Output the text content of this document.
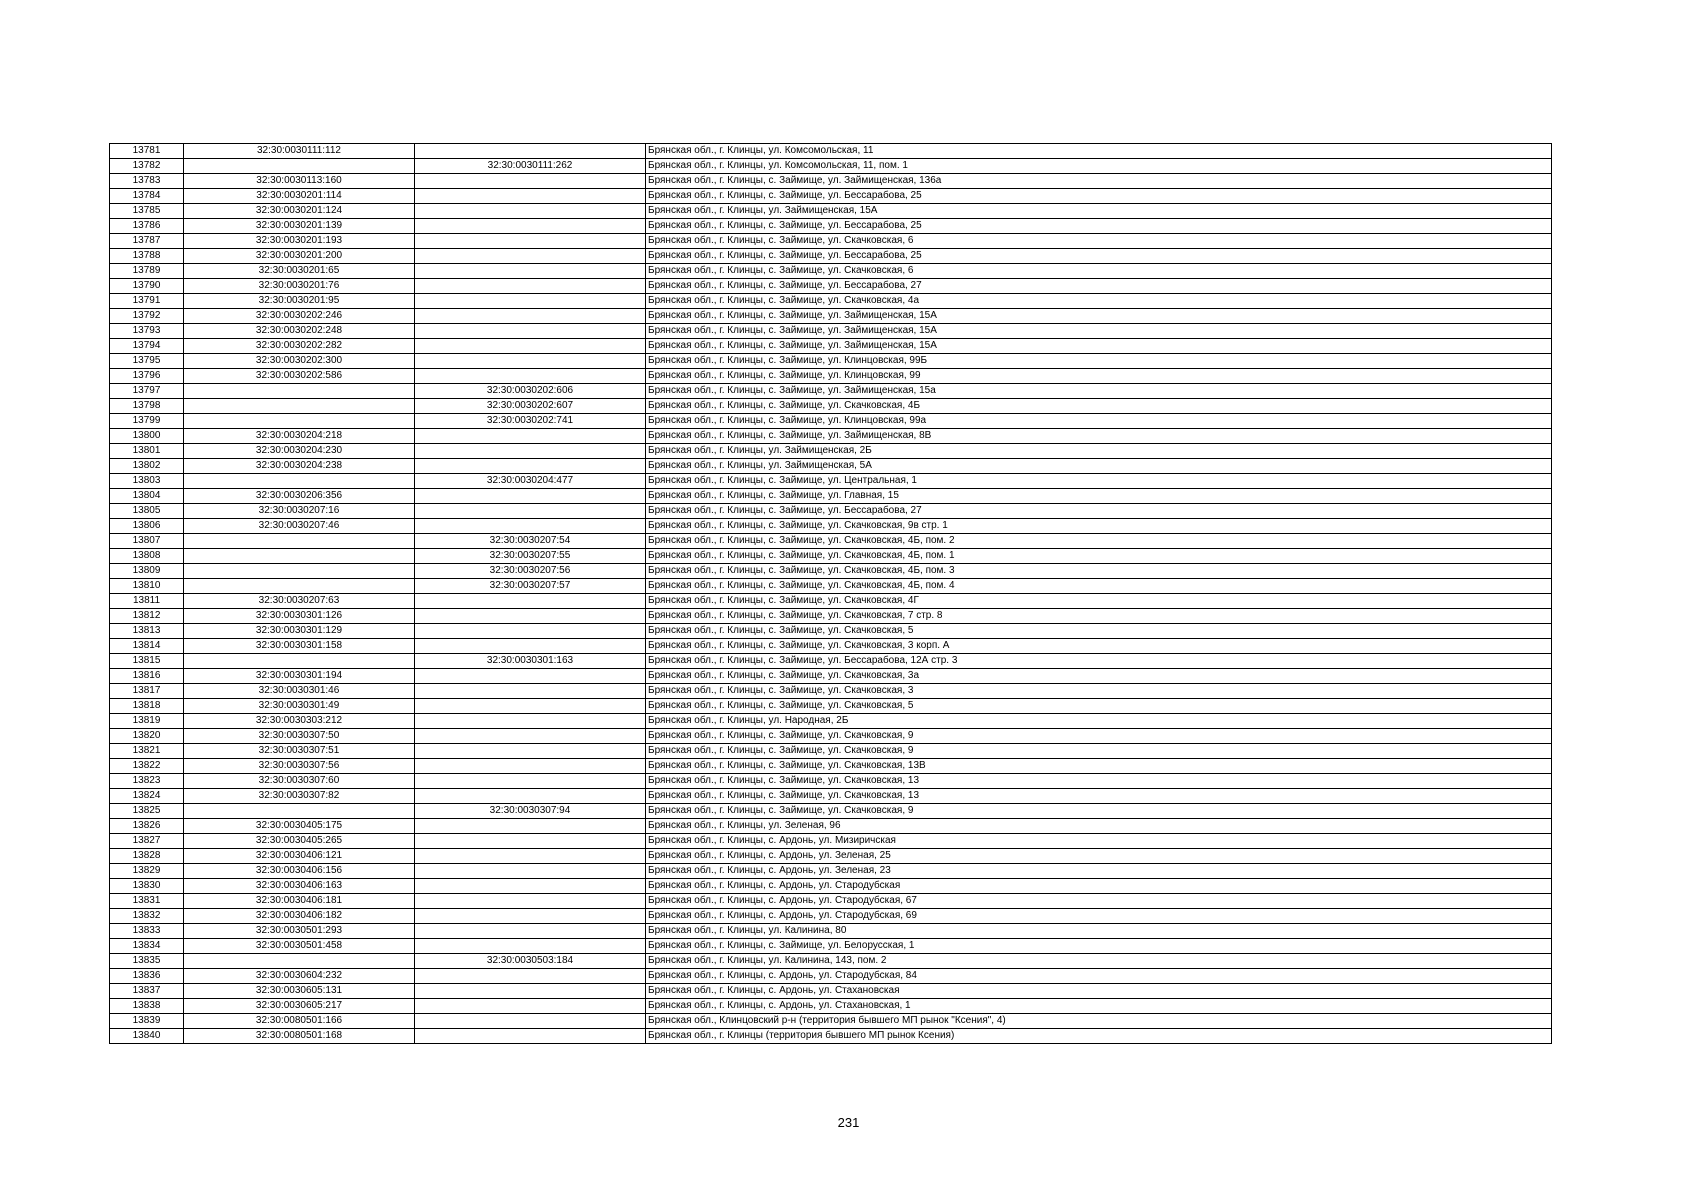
13781	32:30:0030111:112		Брянская обл., г. Клинцы, ул. Комсомольская, 11
13782		32:30:0030111:262	Брянская обл., г. Клинцы, ул. Комсомольская, 11, пом. 1
13783	32:30:0030113:160		Брянская обл., г. Клинцы, с. Займище, ул. Займищенская, 136а
13784	32:30:0030201:114		Брянская обл., г. Клинцы, с. Займище, ул. Бессарабова, 25
13785	32:30:0030201:124		Брянская обл., г. Клинцы, ул. Займищенская, 15А
13786	32:30:0030201:139		Брянская обл., г. Клинцы, с. Займище, ул. Бессарабова, 25
13787	32:30:0030201:193		Брянская обл., г. Клинцы, с. Займище, ул. Скачковская, 6
13788	32:30:0030201:200		Брянская обл., г. Клинцы, с. Займище, ул. Бессарабова, 25
13789	32:30:0030201:65		Брянская обл., г. Клинцы, с. Займище, ул. Скачковская, 6
13790	32:30:0030201:76		Брянская обл., г. Клинцы, с. Займище, ул. Бессарабова, 27
13791	32:30:0030201:95		Брянская обл., г. Клинцы, с. Займище, ул. Скачковская, 4а
13792	32:30:0030202:246		Брянская обл., г. Клинцы, с. Займище, ул. Займищенская, 15А
13793	32:30:0030202:248		Брянская обл., г. Клинцы, с. Займище, ул. Займищенская, 15А
13794	32:30:0030202:282		Брянская обл., г. Клинцы, с. Займище, ул. Займищенская, 15А
13795	32:30:0030202:300		Брянская обл., г. Клинцы, с. Займище, ул. Клинцовская, 99Б
13796	32:30:0030202:586		Брянская обл., г. Клинцы, с. Займище, ул. Клинцовская, 99
13797		32:30:0030202:606	Брянская обл., г. Клинцы, с. Займище, ул. Займищенская, 15а
13798		32:30:0030202:607	Брянская обл., г. Клинцы, с. Займище, ул. Скачковская, 4Б
13799		32:30:0030202:741	Брянская обл., г. Клинцы, с. Займище, ул. Клинцовская, 99а
13800	32:30:0030204:218		Брянская обл., г. Клинцы, с. Займище, ул. Займищенская, 8В
13801	32:30:0030204:230		Брянская обл., г. Клинцы, ул. Займищенская, 2Б
13802	32:30:0030204:238		Брянская обл., г. Клинцы, ул. Займищенская, 5А
13803		32:30:0030204:477	Брянская обл., г. Клинцы, с. Займище, ул. Центральная, 1
13804	32:30:0030206:356		Брянская обл., г. Клинцы, с. Займище, ул. Главная, 15
13805	32:30:0030207:16		Брянская обл., г. Клинцы, с. Займище, ул. Бессарабова, 27
13806	32:30:0030207:46		Брянская обл., г. Клинцы, с. Займище, ул. Скачковская, 9в стр. 1
13807		32:30:0030207:54	Брянская обл., г. Клинцы, с. Займище, ул. Скачковская, 4Б, пом. 2
13808		32:30:0030207:55	Брянская обл., г. Клинцы, с. Займище, ул. Скачковская, 4Б, пом. 1
13809		32:30:0030207:56	Брянская обл., г. Клинцы, с. Займище, ул. Скачковская, 4Б, пом. 3
13810		32:30:0030207:57	Брянская обл., г. Клинцы, с. Займище, ул. Скачковская, 4Б, пом. 4
13811	32:30:0030207:63		Брянская обл., г. Клинцы, с. Займище, ул. Скачковская, 4Г
13812	32:30:0030301:126		Брянская обл., г. Клинцы, с. Займище, ул. Скачковская, 7 стр. 8
13813	32:30:0030301:129		Брянская обл., г. Клинцы, с. Займище, ул. Скачковская, 5
13814	32:30:0030301:158		Брянская обл., г. Клинцы, с. Займище, ул. Скачковская, 3 корп. А
13815		32:30:0030301:163	Брянская обл., г. Клинцы, с. Займище, ул. Бессарабова, 12А стр. 3
13816	32:30:0030301:194		Брянская обл., г. Клинцы, с. Займище, ул. Скачковская, 3а
13817	32:30:0030301:46		Брянская обл., г. Клинцы, с. Займище, ул. Скачковская, 3
13818	32:30:0030301:49		Брянская обл., г. Клинцы, с. Займище, ул. Скачковская, 5
13819	32:30:0030303:212		Брянская обл., г. Клинцы, ул. Народная, 2Б
13820	32:30:0030307:50		Брянская обл., г. Клинцы, с. Займище, ул. Скачковская, 9
13821	32:30:0030307:51		Брянская обл., г. Клинцы, с. Займище, ул. Скачковская, 9
13822	32:30:0030307:56		Брянская обл., г. Клинцы, с. Займище, ул. Скачковская, 13В
13823	32:30:0030307:60		Брянская обл., г. Клинцы, с. Займище, ул. Скачковская, 13
13824	32:30:0030307:82		Брянская обл., г. Клинцы, с. Займище, ул. Скачковская, 13
13825		32:30:0030307:94	Брянская обл., г. Клинцы, с. Займище, ул. Скачковская, 9
13826	32:30:0030405:175		Брянская обл., г. Клинцы, ул. Зеленая, 96
13827	32:30:0030405:265		Брянская обл., г. Клинцы, с. Ардонь, ул. Мизиричская
13828	32:30:0030406:121		Брянская обл., г. Клинцы, с. Ардонь, ул. Зеленая, 25
13829	32:30:0030406:156		Брянская обл., г. Клинцы, с. Ардонь, ул. Зеленая, 23
13830	32:30:0030406:163		Брянская обл., г. Клинцы, с. Ардонь, ул. Стародубская
13831	32:30:0030406:181		Брянская обл., г. Клинцы, с. Ардонь, ул. Стародубская, 67
13832	32:30:0030406:182		Брянская обл., г. Клинцы, с. Ардонь, ул. Стародубская, 69
13833	32:30:0030501:293		Брянская обл., г. Клинцы, ул. Калинина, 80
13834	32:30:0030501:458		Брянская обл., г. Клинцы, с. Займище, ул. Белорусская, 1
13835		32:30:0030503:184	Брянская обл., г. Клинцы, ул. Калинина, 143, пом. 2
13836	32:30:0030604:232		Брянская обл., г. Клинцы, с. Ардонь, ул. Стародубская, 84
13837	32:30:0030605:131		Брянская обл., г. Клинцы, с. Ардонь, ул. Стахановская
13838	32:30:0030605:217		Брянская обл., г. Клинцы, с. Ардонь, ул. Стахановская, 1
13839	32:30:0080501:166		Брянская обл., Клинцовский р-н (территория бывшего МП рынок "Ксения", 4)
13840	32:30:0080501:168		Брянская обл., г. Клинцы (территория бывшего МП рынок Ксения)
231
